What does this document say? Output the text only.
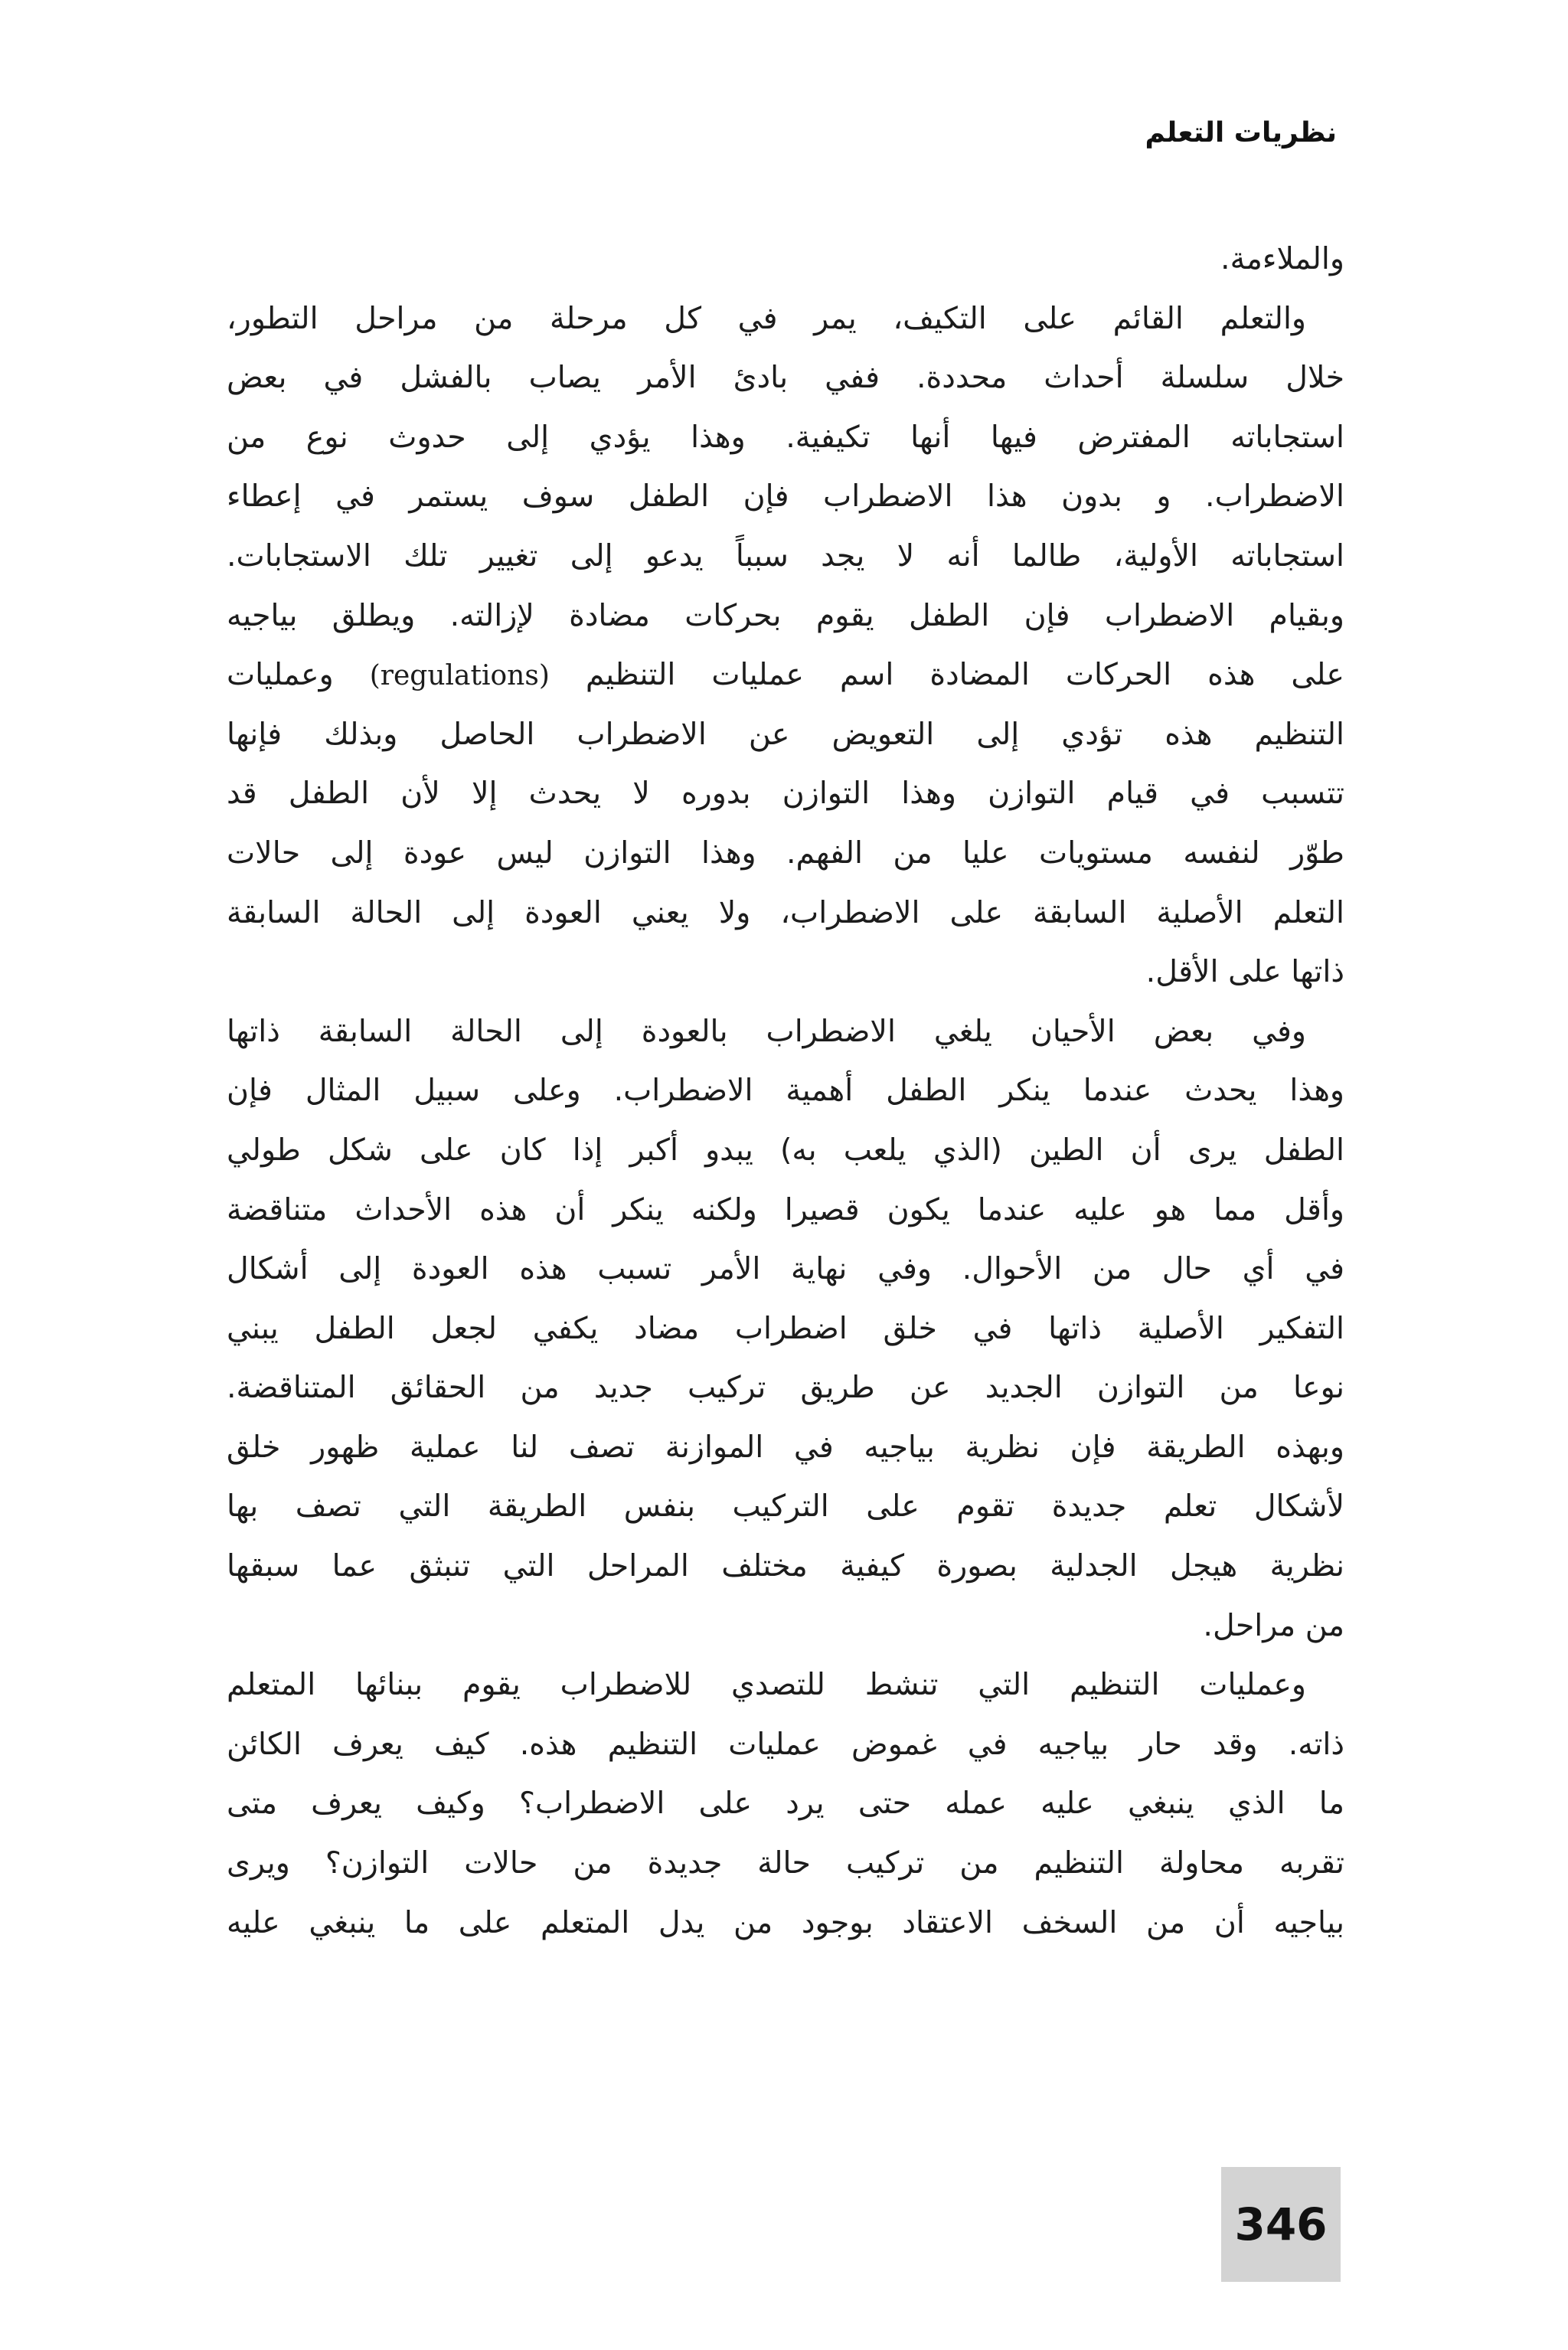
نظريات التعلم
والملاءمة.
والتعلم القائم على التكيف، يمر في كل مرحلة من مراحل التطور،
خلال سلسلة أحداث محددة. ففي بادئ الأمر يصاب بالفشل في بعض
استجاباته المفترض فيها أنها تكيفية. وهذا يؤدي إلى حدوث نوع من
الاضطراب. و بدون هذا الاضطراب فإن الطفل سوف يستمر في إعطاء
استجاباته الأولية، طالما أنه لا يجد سبباً يدعو إلى تغيير تلك الاستجابات.
وبقيام الاضطراب فإن الطفل يقوم بحركات مضادة لإزالته. ويطلق بياجيه
على هذه الحركات المضادة اسم عمليات التنظيم (regulations) وعمليات
التنظيم هذه تؤدي إلى التعويض عن الاضطراب الحاصل وبذلك فإنها
تتسبب في قيام التوازن وهذا التوازن بدوره لا يحدث إلا لأن الطفل قد
طوّر لنفسه مستويات عليا من الفهم. وهذا التوازن ليس عودة إلى حالات
التعلم الأصلية السابقة على الاضطراب، ولا يعني العودة إلى الحالة السابقة
ذاتها على الأقل.
وفي بعض الأحيان يلغي الاضطراب بالعودة إلى الحالة السابقة ذاتها
وهذا يحدث عندما ينكر الطفل أهمية الاضطراب. وعلى سبيل المثال فإن
الطفل يرى أن الطين (الذي يلعب به) يبدو أكبر إذا كان على شكل طولي
وأقل مما هو عليه عندما يكون قصيرا ولكنه ينكر أن هذه الأحداث متناقضة
في أي حال من الأحوال. وفي نهاية الأمر تسبب هذه العودة إلى أشكال
التفكير الأصلية ذاتها في خلق اضطراب مضاد يكفي لجعل الطفل يبني
نوعا من التوازن الجديد عن طريق تركيب جديد من الحقائق المتناقضة.
وبهذه الطريقة فإن نظرية بياجيه في الموازنة تصف لنا عملية ظهور خلق
لأشكال تعلم جديدة تقوم على التركيب بنفس الطريقة التي تصف بها
نظرية هيجل الجدلية بصورة كيفية مختلف المراحل التي تنبثق عما سبقها
من مراحل.
وعمليات التنظيم التي تنشط للتصدي للاضطراب يقوم ببنائها المتعلم
ذاته. وقد حار بياجيه في غموض عمليات التنظيم هذه. كيف يعرف الكائن
ما الذي ينبغي عليه عمله حتى يرد على الاضطراب؟ وكيف يعرف متى
تقربه محاولة التنظيم من تركيب حالة جديدة من حالات التوازن؟ ويرى
بياجيه أن من السخف الاعتقاد بوجود من يدل المتعلم على ما ينبغي عليه
346
